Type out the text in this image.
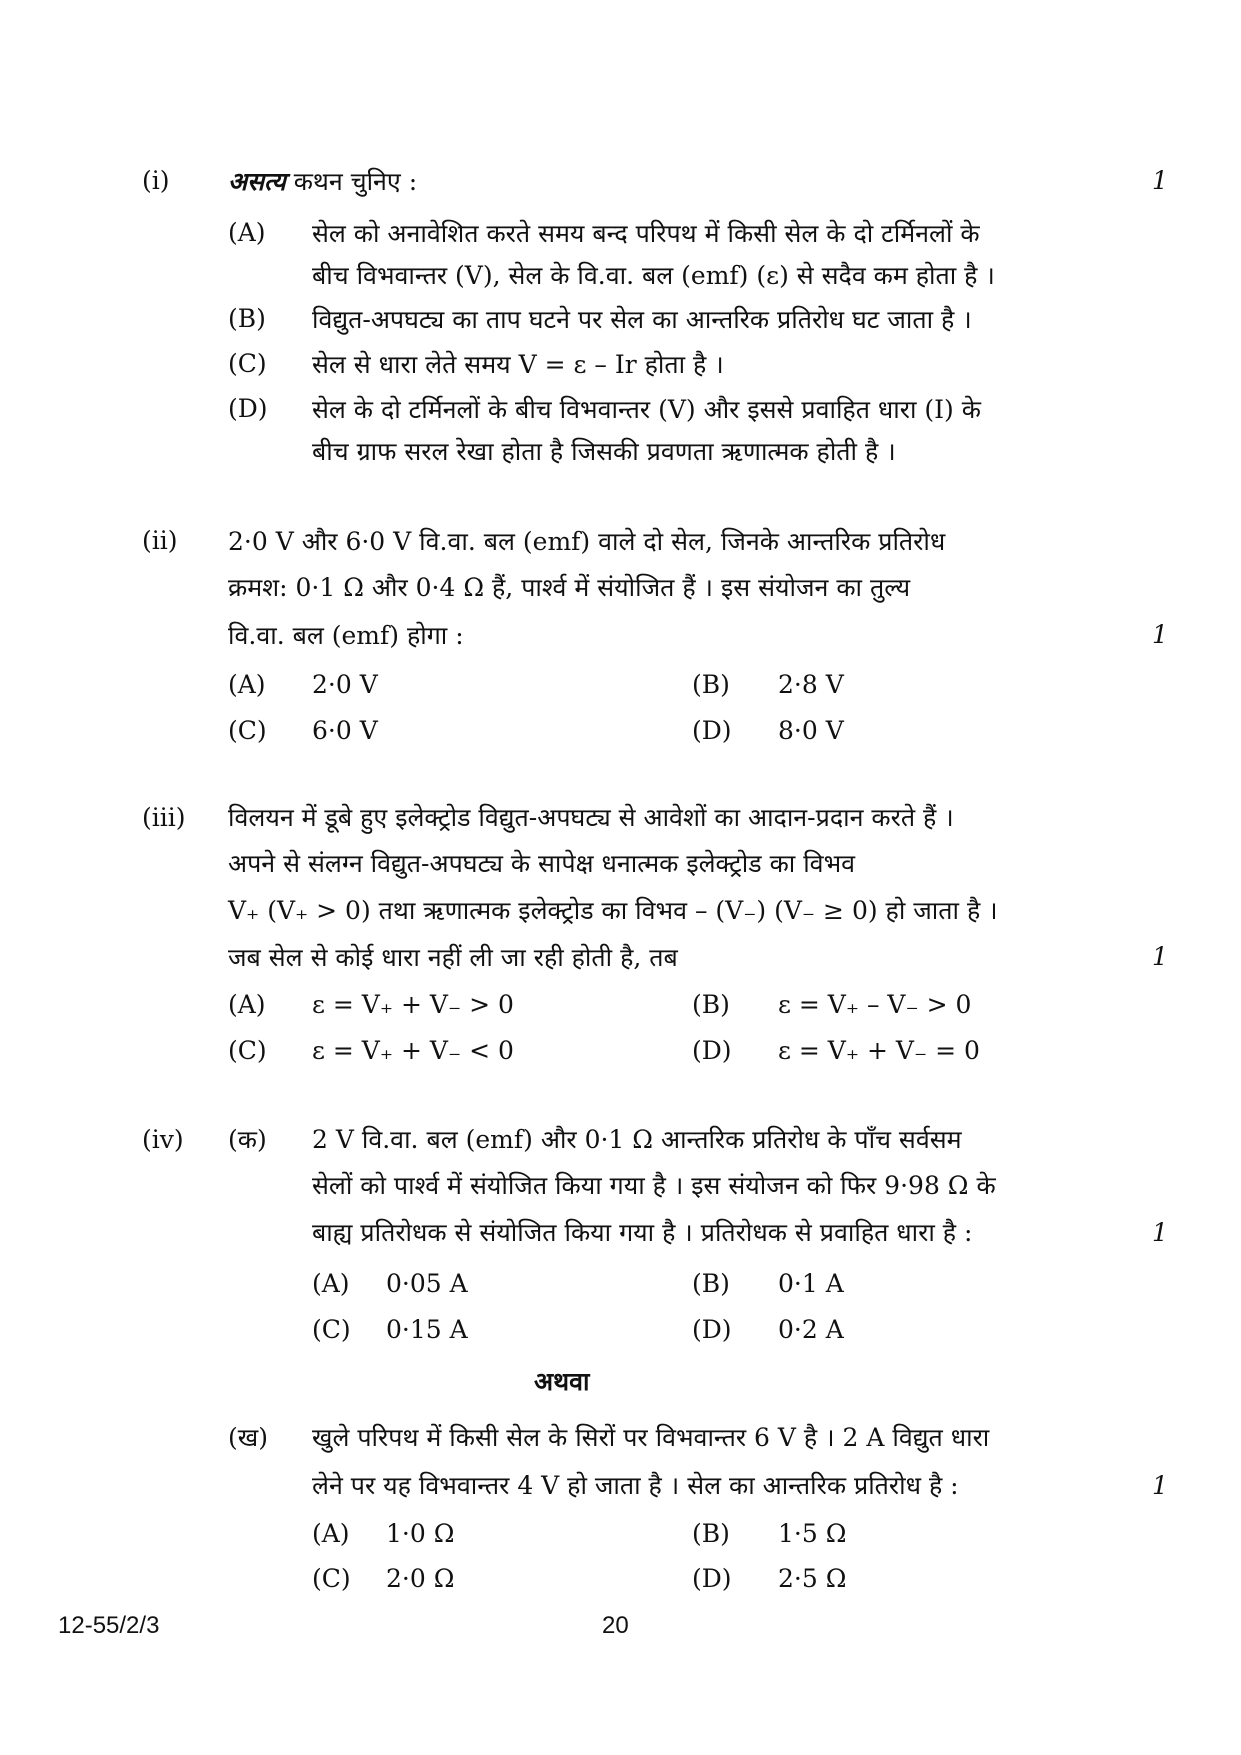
(i) असत्य कथन चुनिए :	1
(A) सेल को अनावेशित करते समय बन्द परिपथ में किसी सेल के दो टर्मिनलों के
बीच विभवान्तर (V), सेल के वि.वा. बल (emf) (ε) से सदैव कम होता है ।
(B) विद्युत-अपघट्य का ताप घटने पर सेल का आन्तरिक प्रतिरोध घट जाता है ।
(C) सेल से धारा लेते समय V = ε – Ir होता है ।
(D) सेल के दो टर्मिनलों के बीच विभवान्तर (V) और इससे प्रवाहित धारा (I) के
बीच ग्राफ सरल रेखा होता है जिसकी प्रवणता ऋणात्मक होती है ।
(ii) 2·0 V और 6·0 V वि.वा. बल (emf) वाले दो सेल, जिनके आन्तरिक प्रतिरोध
क्रमश: 0·1 Ω और 0·4 Ω हैं, पार्श्व में संयोजित हैं । इस संयोजन का तुल्य
वि.वा. बल (emf) होगा :	1
(A) 2·0 V	(B) 2·8 V
(C) 6·0 V	(D) 8·0 V
(iii) विलयन में डूबे हुए इलेक्ट्रोड विद्युत-अपघट्य से आवेशों का आदान-प्रदान करते हैं ।
अपने से संलग्न विद्युत-अपघट्य के सापेक्ष धनात्मक इलेक्ट्रोड का विभव
V₊ (V₊ > 0) तथा ऋणात्मक इलेक्ट्रोड का विभव – (V₋) (V₋ ≥ 0) हो जाता है ।
जब सेल से कोई धारा नहीं ली जा रही होती है, तब	1
(A) ε = V₊ + V₋ > 0	(B) ε = V₊ – V₋ > 0
(C) ε = V₊ + V₋ < 0	(D) ε = V₊ + V₋ = 0
(iv) (क) 2 V वि.वा. बल (emf) और 0·1 Ω आन्तरिक प्रतिरोध के पाँच सर्वसम
सेलों को पार्श्व में संयोजित किया गया है । इस संयोजन को फिर 9·98 Ω के
बाह्य प्रतिरोधक से संयोजित किया गया है । प्रतिरोधक से प्रवाहित धारा है :	1
(A) 0·05 A	(B) 0·1 A
(C) 0·15 A	(D) 0·2 A
अथवा
(ख) खुले परिपथ में किसी सेल के सिरों पर विभवान्तर 6 V है । 2 A विद्युत धारा
लेने पर यह विभवान्तर 4 V हो जाता है । सेल का आन्तरिक प्रतिरोध है :	1
(A) 1·0 Ω	(B) 1·5 Ω
(C) 2·0 Ω	(D) 2·5 Ω
12-55/2/3	20
